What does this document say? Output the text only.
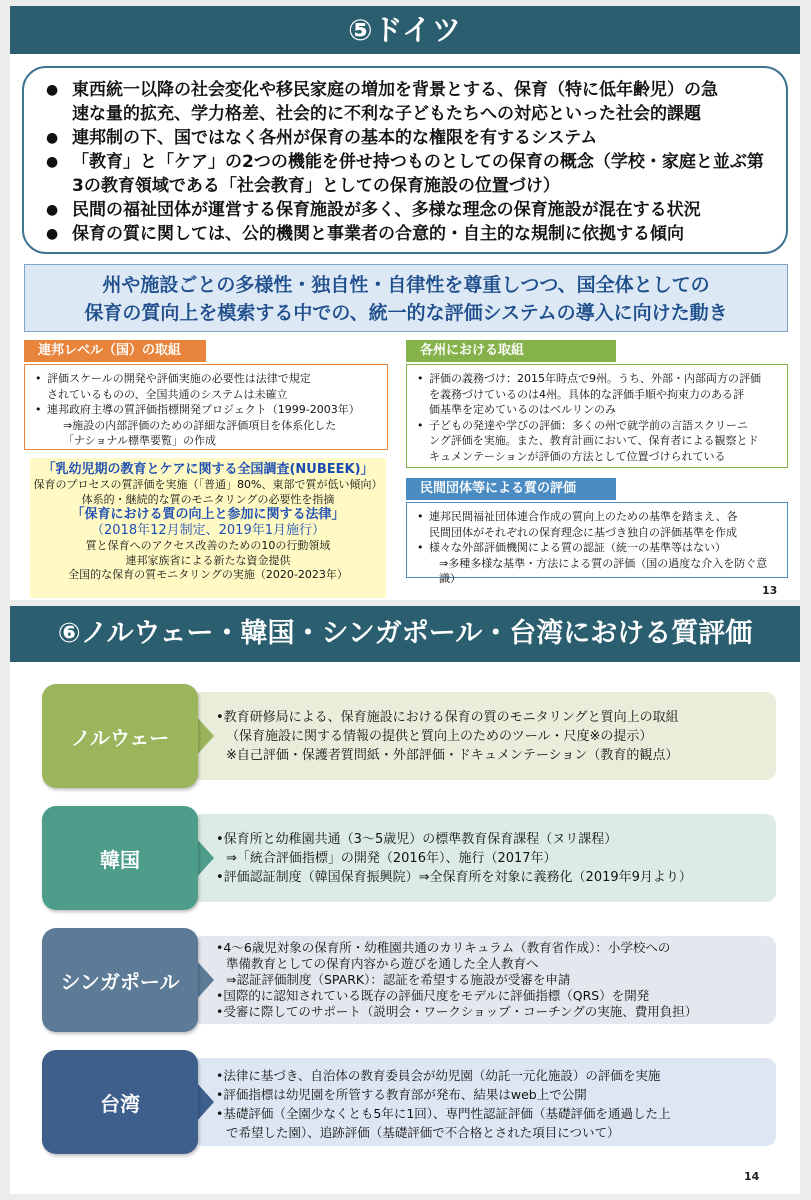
⑤ドイツ
● 東西統一以降の社会変化や移民家庭の増加を背景とする、保育（特に低年齢児）の急
速な量的拡充、学力格差、社会的に不利な子どもたちへの対応といった社会的課題
● 連邦制の下、国ではなく各州が保育の基本的な権限を有するシステム
● 「教育」と「ケア」の2つの機能を併せ持つものとしての保育の概念（学校・家庭と並ぶ第
3の教育領域である「社会教育」としての保育施設の位置づけ）
● 民間の福祉団体が運営する保育施設が多く、多様な理念の保育施設が混在する状況
● 保育の質に関しては、公的機関と事業者の合意的・自主的な規制に依拠する傾向
州や施設ごとの多様性・独自性・自律性を尊重しつつ、国全体としての
保育の質向上を模索する中での、統一的な評価システムの導入に向けた動き
連邦レベル（国）の取組
• 評価スケールの開発や評価実施の必要性は法律で規定
されているものの、全国共通のシステムは未確立
• 連邦政府主導の質評価指標開発プロジェクト（1999-2003年）
⇒施設の内部評価のための詳細な評価項目を体系化した
「ナショナル標準要覧」の作成
「乳幼児期の教育とケアに関する全国調査(NUBEEK)」
保育のプロセスの質評価を実施（「普通」80%、東部で質が低い傾向）
体系的・継続的な質のモニタリングの必要性を指摘
「保育における質の向上と参加に関する法律」
（2018年12月制定、2019年1月施行）
質と保育へのアクセス改善のための10の行動領域
連邦家族省による新たな資金提供
全国的な保育の質モニタリングの実施（2020-2023年）
各州における取組
• 評価の義務づけ：2015年時点で9州。うち、外部・内部両方の評価
を義務づけているのは4州。具体的な評価手順や拘束力のある評
価基準を定めているのはベルリンのみ
• 子どもの発達や学びの評価：多くの州で就学前の言語スクリーニ
ング評価を実施。また、教育計画において、保育者による観察とド
キュメンテーションが評価の方法として位置づけられている
民間団体等による質の評価
• 連邦民間福祉団体連合作成の質向上のための基準を踏まえ、各
民間団体がそれぞれの保育理念に基づき独自の評価基準を作成
• 様々な外部評価機関による質の認証（統一の基準等はない）
⇒多種多様な基準・方法による質の評価（国の過度な介入を防ぐ意識）
13
⑥ノルウェー・韓国・シンガポール・台湾における質評価
ノルウェー
•教育研修局による、保育施設における保育の質のモニタリングと質向上の取組
（保育施設に関する情報の提供と質向上のためのツール・尺度※の提示）
※自己評価・保護者質問紙・外部評価・ドキュメンテーション（教育的観点）
韓国
•保育所と幼稚園共通（3～5歳児）の標準教育保育課程（ヌリ課程）
⇒「統合評価指標」の開発（2016年）、施行（2017年）
•評価認証制度（韓国保育振興院）⇒全保育所を対象に義務化（2019年9月より）
シンガポール
•4～6歳児対象の保育所・幼稚園共通のカリキュラム（教育省作成）：小学校への
準備教育としての保育内容から遊びを通した全人教育へ
⇒認証評価制度（SPARK）：認証を希望する施設が受審を申請
•国際的に認知されている既存の評価尺度をモデルに評価指標（QRS）を開発
•受審に際してのサポート（説明会・ワークショップ・コーチングの実施、費用負担）
台湾
•法律に基づき、自治体の教育委員会が幼児園（幼託一元化施設）の評価を実施
•評価指標は幼児園を所管する教育部が発布、結果はweb上で公開
•基礎評価（全園少なくとも5年に1回）、専門性認証評価（基礎評価を通過した上
で希望した園）、追跡評価（基礎評価で不合格とされた項目について）
14
